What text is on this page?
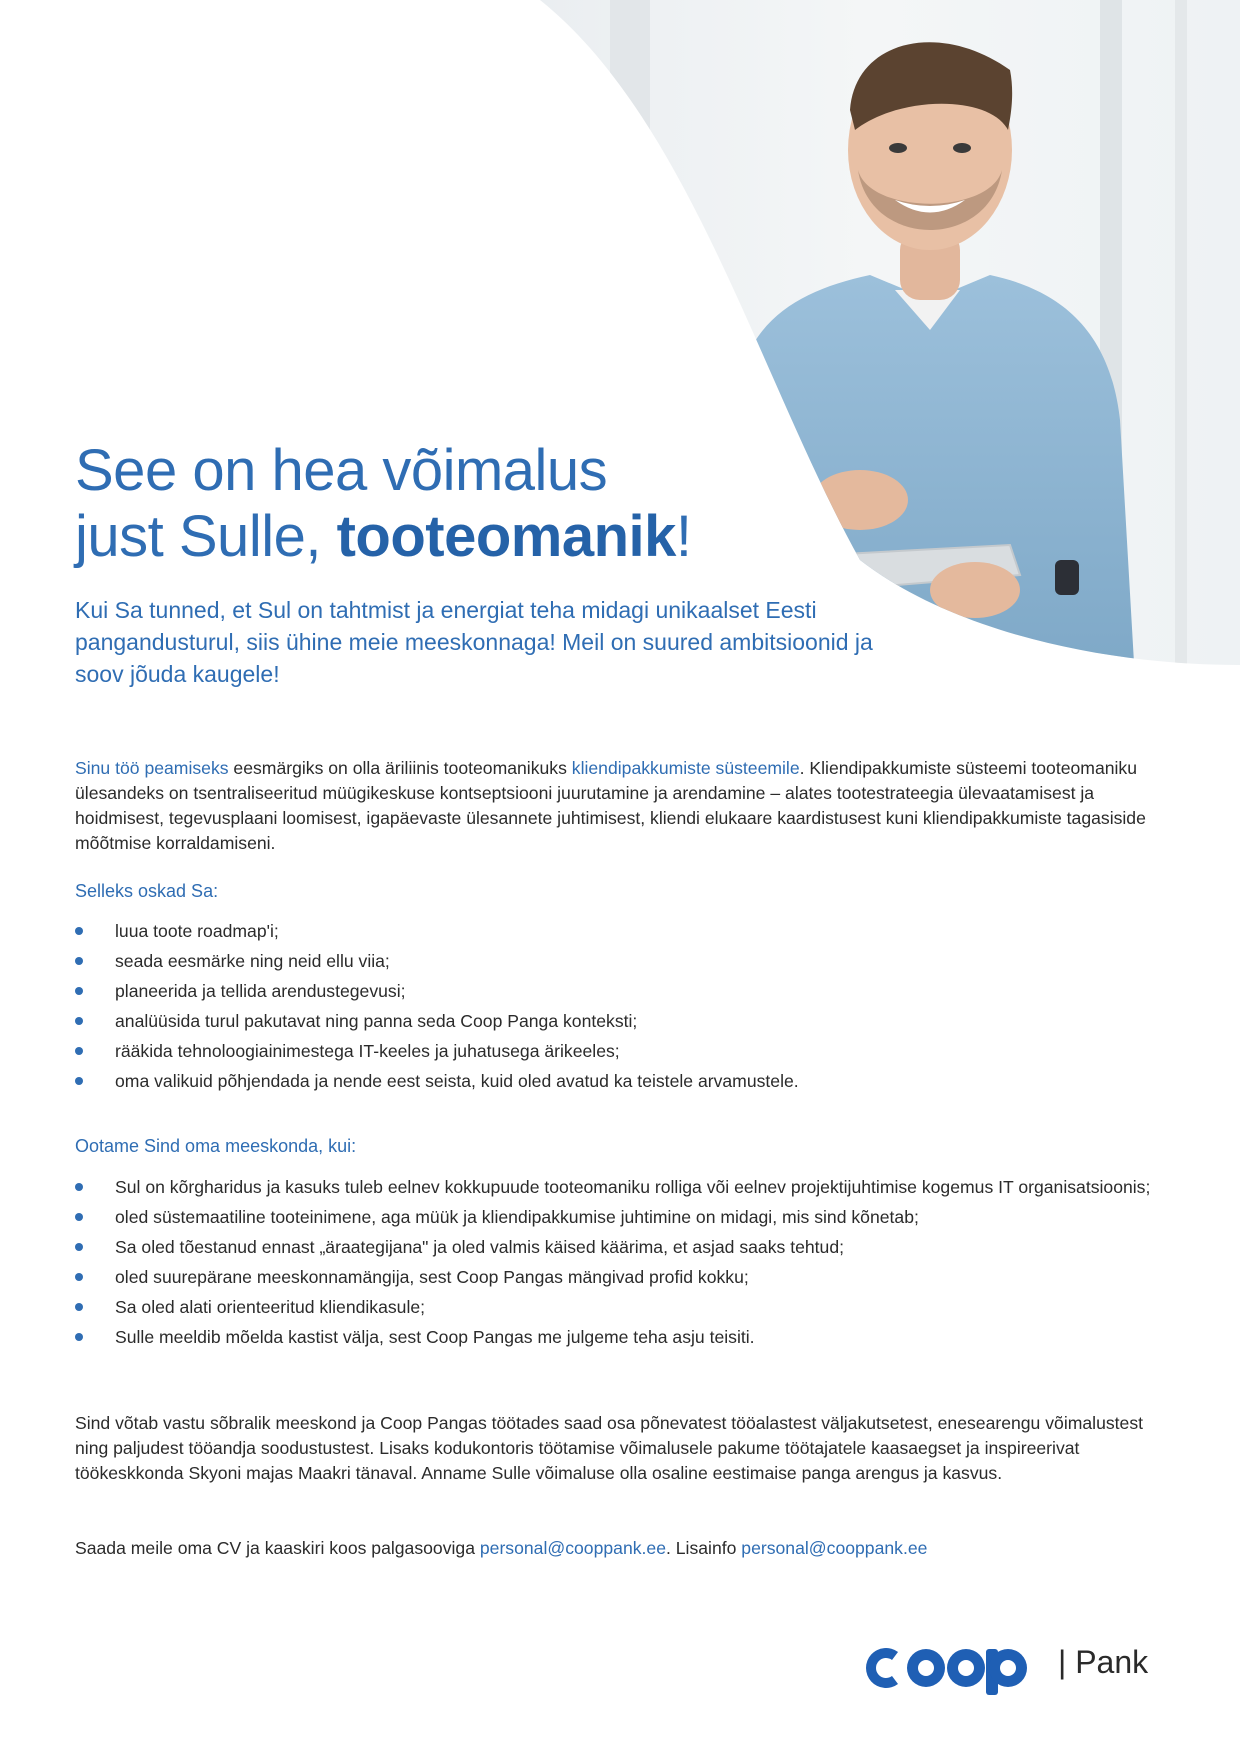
See on hea võimalus
just Sulle, tooteomanik!

Kui Sa tunned, et Sul on tahtmist ja energiat teha midagi unikaalset Eesti pangandusturul, siis ühine meie meeskonnaga! Meil on suured ambitsioonid ja soov jõuda kaugele!

Sinu töö peamiseks eesmärgiks on olla äriliinis tooteomanikuks kliendipakkumiste süsteemile. Kliendipakkumiste süsteemi tooteomaniku ülesandeks on tsentraliseeritud müügikeskuse kontseptsiooni juurutamine ja arendamine – alates tootestrateegia ülevaatamisest ja hoidmisest, tegevusplaani loomisest, igapäevaste ülesannete juhtimisest, kliendi elukaare kaardistusest kuni kliendipakkumiste tagasiside mõõtmise korraldamiseni.
Selleks oskad Sa:
luua toote roadmap'i;
seada eesmärke ning neid ellu viia;
planeerida ja tellida arendustegevusi;
analüüsida turul pakutavat ning panna seda Coop Panga konteksti;
rääkida tehnoloogiainimestega IT-keeles ja juhatusega ärikeeles;
oma valikuid põhjendada ja nende eest seista, kuid oled avatud ka teistele arvamustele.
Ootame Sind oma meeskonda, kui:
Sul on kõrgharidus ja kasuks tuleb eelnev kokkupuude tooteomaniku rolliga või eelnev projektijuhtimise kogemus IT organisatsioonis;
oled süstemaatiline tooteinimene, aga müük ja kliendipakkumise juhtimine on midagi, mis sind kõnetab;
Sa oled tõestanud ennast „äraategijana" ja oled valmis käised käärima, et asjad saaks tehtud;
oled suurepärane meeskonnamängija, sest Coop Pangas mängivad profid kokku;
Sa oled alati orienteeritud kliendikasule;
Sulle meeldib mõelda kastist välja, sest Coop Pangas me julgeme teha asju teisiti.
Sind võtab vastu sõbralik meeskond ja Coop Pangas töötades saad osa põnevatest tööalastest väljakutsetest, enesearengu võimalustest ning paljudest tööandja soodustustest. Lisaks kodukontoris töötamise võimalusele pakume töötajatele kaasaegset ja inspireerivat töökeskkonda Skyoni majas Maakri tänaval. Anname Sulle võimaluse olla osaline eestimaise panga arengus ja kasvus.
Saada meile oma CV ja kaaskiri koos palgasooviga personal@cooppank.ee. Lisainfo personal@cooppank.ee
| Pank
